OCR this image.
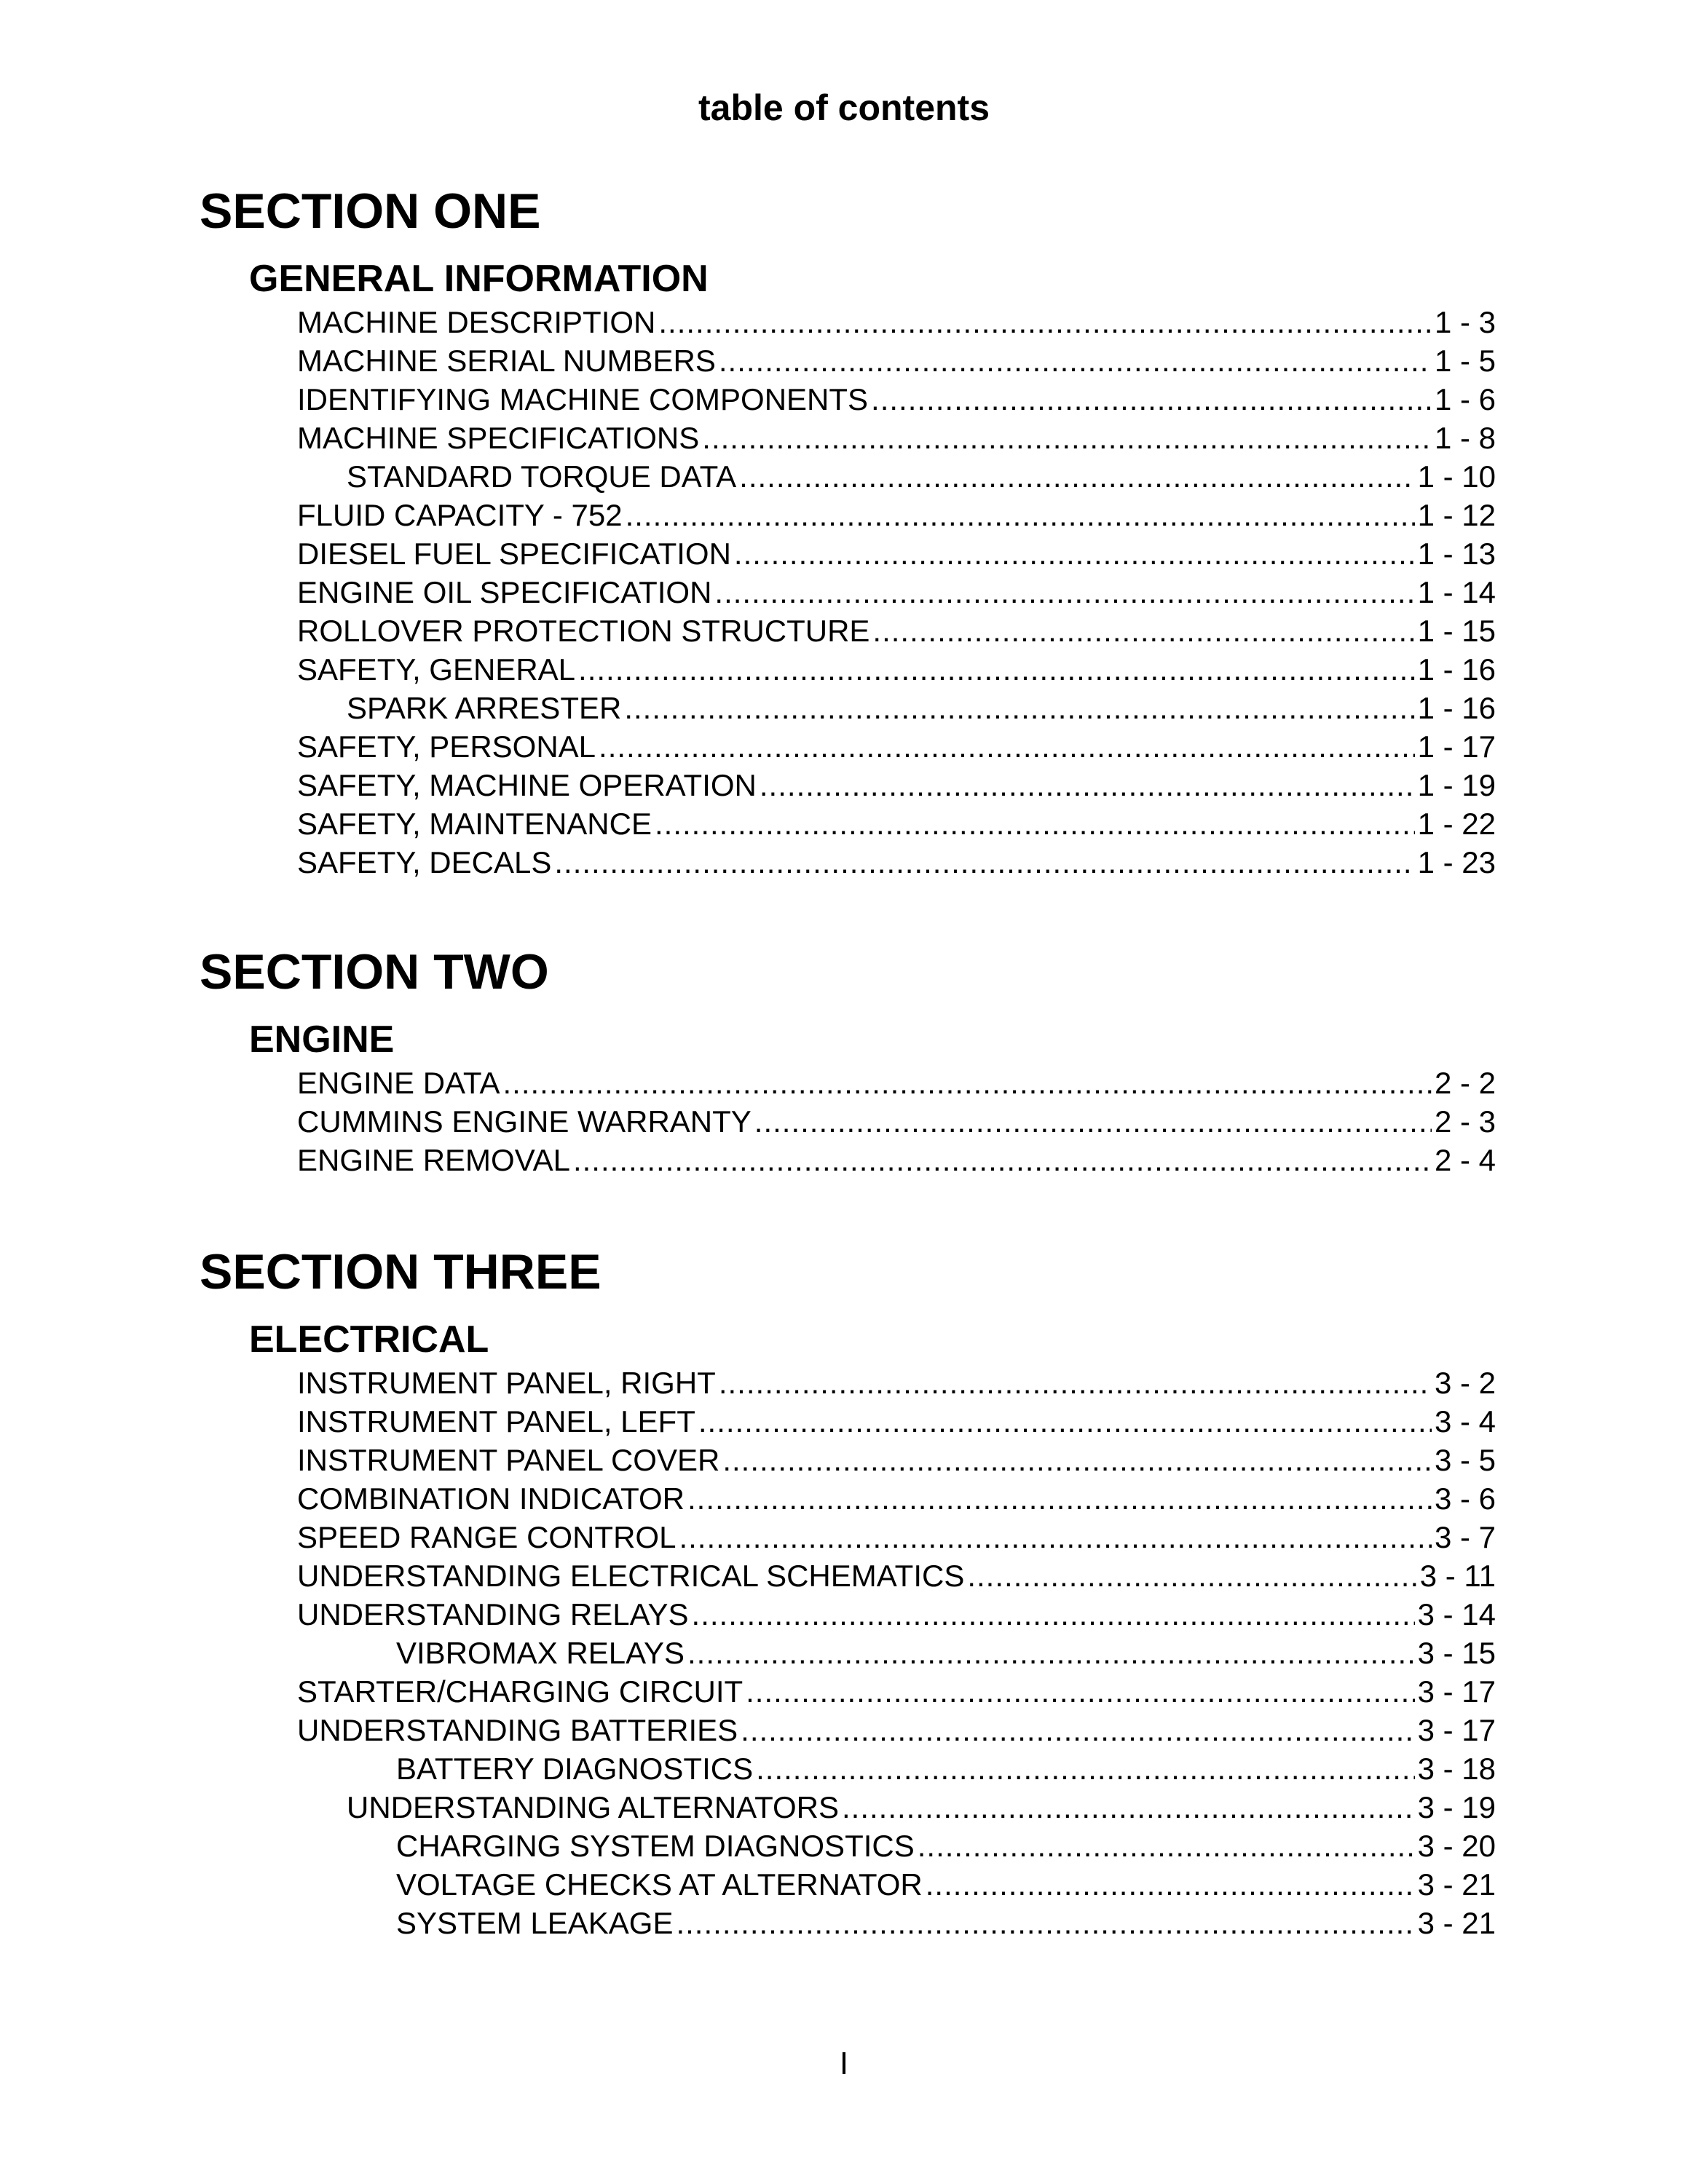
table of contents
SECTION ONE
GENERAL INFORMATION
MACHINE DESCRIPTION .....	1 - 3
MACHINE SERIAL NUMBERS .....	1 - 5
IDENTIFYING MACHINE COMPONENTS .....	1 - 6
MACHINE SPECIFICATIONS .....	1 - 8
STANDARD TORQUE DATA .....	1 - 10
FLUID CAPACITY - 752 .....	1 - 12
DIESEL FUEL SPECIFICATION .....	1 - 13
ENGINE OIL SPECIFICATION .....	1 - 14
ROLLOVER PROTECTION STRUCTURE .....	1 - 15
SAFETY, GENERAL .....	1 - 16
SPARK ARRESTER .....	1 - 16
SAFETY, PERSONAL .....	1 - 17
SAFETY, MACHINE OPERATION .....	1 - 19
SAFETY, MAINTENANCE .....	1 - 22
SAFETY, DECALS .....	1 - 23
SECTION TWO
ENGINE
ENGINE DATA .....	2 - 2
CUMMINS ENGINE WARRANTY .....	2 - 3
ENGINE REMOVAL .....	2 - 4
SECTION THREE
ELECTRICAL
INSTRUMENT PANEL, RIGHT .....	3 - 2
INSTRUMENT PANEL, LEFT .....	3 - 4
INSTRUMENT PANEL COVER .....	3 - 5
COMBINATION INDICATOR .....	3 - 6
SPEED RANGE CONTROL .....	3 - 7
UNDERSTANDING ELECTRICAL SCHEMATICS .....	3 - 11
UNDERSTANDING RELAYS .....	3 - 14
VIBROMAX RELAYS .....	3 - 15
STARTER/CHARGING CIRCUIT .....	3 - 17
UNDERSTANDING BATTERIES .....	3 - 17
BATTERY DIAGNOSTICS .....	3 - 18
UNDERSTANDING ALTERNATORS .....	3 - 19
CHARGING SYSTEM DIAGNOSTICS .....	3 - 20
VOLTAGE CHECKS AT ALTERNATOR .....	3 - 21
SYSTEM LEAKAGE .....	3 - 21
I
